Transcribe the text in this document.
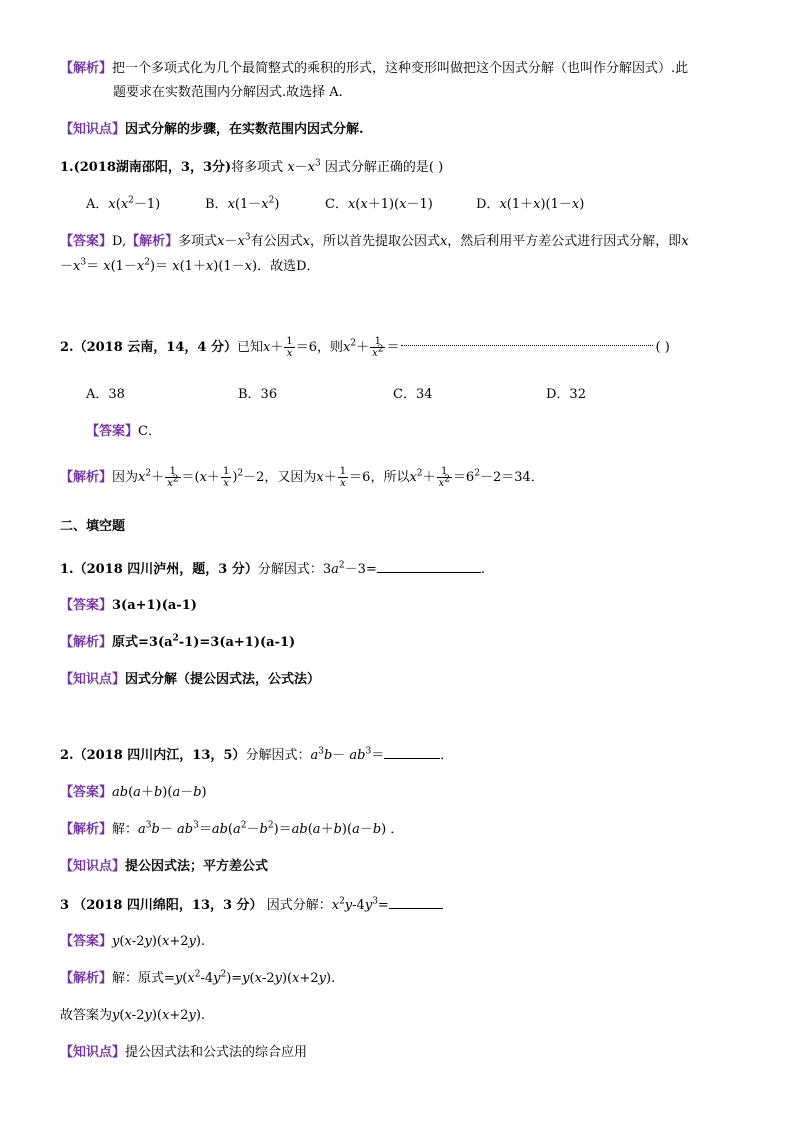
【解析】把一个多项式化为几个最简整式的乘积的形式，这种变形叫做把这个因式分解（也叫作分解因式）.此
题要求在实数范围内分解因式.故选择 A.
【知识点】因式分解的步骤，在实数范围内因式分解.
1.(2018湖南邵阳，3，3分)将多项式 $x-x^3$ 因式分解正确的是( )
A．$x(x^2-1)$	B．$x(1-x^2)$	C．x(x＋1)(x－1)	D．x(1＋x)(1－x)
【答案】D,【解析】多项式$x-x^3$有公因式x，所以首先提取公因式x，然后利用平方差公式进行因式分解，即x
$-x^3= x(1-x^2)= x(1+x)(1-x)$．故选D．
2.（2018 云南，14，4 分）已知$x+ \frac{1}{x} =6$，则$x^2+ \frac{1}{x^2}$ ＝	( )
A．38	B．36	C．34	D．32
【答案】C．
【解析】因为$x^2+ \frac{1}{x^2} =(x+ \frac{1}{x} )^2-2$，又因为$x+ \frac{1}{x} =6$，所以$x^2+ \frac{1}{x^2} =6^2-2=34$．
二、填空题
1.（2018 四川泸州，题，3 分）分解因式：$3a^2-3=$	.
【答案】3(a+1)(a-1)
【解析】原式$=3(a^2-1)=3(a+1)(a-1)$
【知识点】因式分解（提公因式法，公式法）
2.（2018 四川内江，13，5）分解因式：$a^3b- ab^3=$	．
【答案】ab(a＋b)(a－b)
【解析】解：$a^3b- ab^3=ab(a^2-b^2)=ab(a+b)(a-b)$ ．
【知识点】提公因式法；平方差公式
3 （2018 四川绵阳，13，3 分） 因式分解：$x^2y-4y^3=$
【答案】y(x-2y)(x+2y).
【解析】解：原式$=y(x^2-4y^2)=y(x-2y)(x+2y)$.
故答案为y(x-2y)(x+2y).
【知识点】提公因式法和公式法的综合应用
